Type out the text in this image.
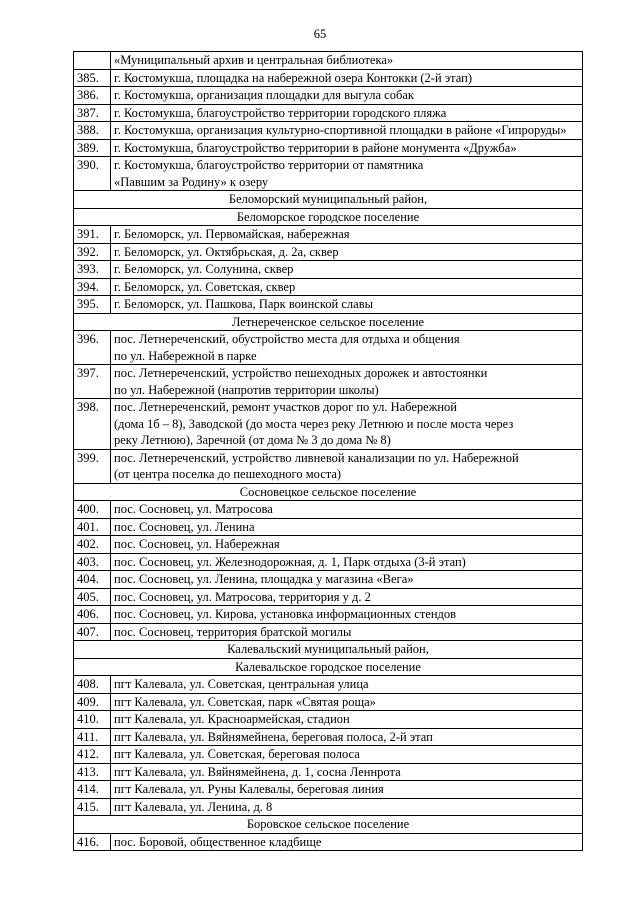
65
	«Муниципальный архив и центральная библиотека»
385.	г. Костомукша, площадка на набережной озера Контокки (2-й этап)
386.	г. Костомукша, организация площадки для выгула собак
387.	г. Костомукша, благоустройство территории городского пляжа
388.	г. Костомукша, организация культурно-спортивной площадки в районе «Гипроруды»
389.	г. Костомукша, благоустройство территории в районе монумента «Дружба»
390.	г. Костомукша, благоустройство территории от памятника
«Павшим за Родину» к озеру
Беломорский муниципальный район,	
Беломорское городское поселение	
391.	г. Беломорск, ул. Первомайская, набережная
392.	г. Беломорск, ул. Октябрьская, д. 2а, сквер
393.	г. Беломорск, ул. Солунина, сквер
394.	г. Беломорск, ул. Советская, сквер
395.	г. Беломорск, ул. Пашкова, Парк воинской славы
Летнереченское сельское поселение	
396.	пос. Летнереченский, обустройство места для отдыха и общения
по ул. Набережной в парке
397.	пос. Летнереченский, устройство пешеходных дорожек и автостоянки
по ул. Набережной (напротив территории школы)
398.	пос. Летнереченский, ремонт участков дорог по ул. Набережной
(дома 1б – 8), Заводской (до моста через реку Летнюю и после моста через
реку Летнюю), Заречной (от дома № 3 до дома № 8)
399.	пос. Летнереченский, устройство ливневой канализации по ул. Набережной
(от центра поселка до пешеходного моста)
Сосновецкое сельское поселение	
400.	пос. Сосновец, ул. Матросова
401.	пос. Сосновец, ул. Ленина
402.	пос. Сосновец, ул. Набережная
403.	пос. Сосновец, ул. Железнодорожная, д. 1, Парк отдыха (3-й этап)
404.	пос. Сосновец, ул. Ленина, площадка у магазина «Вега»
405.	пос. Сосновец, ул. Матросова, территория у д. 2
406.	пос. Сосновец, ул. Кирова, установка информационных стендов
407.	пос. Сосновец, территория братской могилы
Калевальский муниципальный район,	
Калевальское городское поселение	
408.	пгт Калевала, ул. Советская, центральная улица
409.	пгт Калевала, ул. Советская, парк «Святая роща»
410.	пгт Калевала, ул. Красноармейская, стадион
411.	пгт Калевала, ул. Вяйнямейнена, береговая полоса, 2-й этап
412.	пгт Калевала, ул. Советская, береговая полоса
413.	пгт Калевала, ул. Вяйнямейнена, д. 1, сосна Леннрота
414.	пгт Калевала, ул. Руны Калевалы, береговая линия
415.	пгт Калевала, ул. Ленина, д. 8
Боровское сельское поселение	
416.	пос. Боровой, общественное кладбище
